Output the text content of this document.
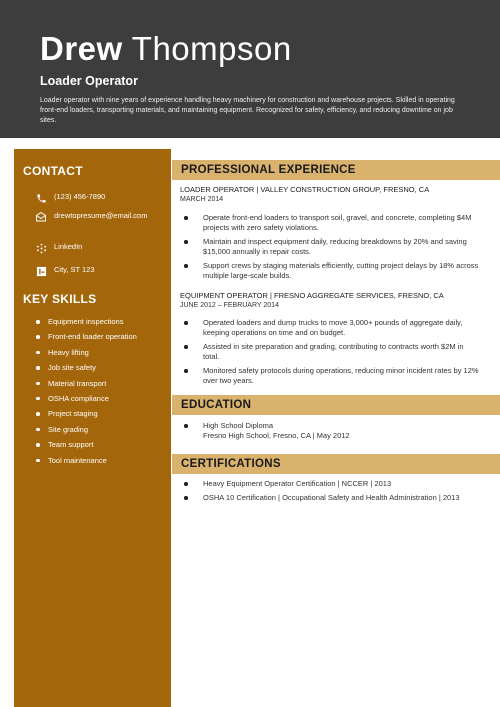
Drew Thompson
Loader Operator
Loader operator with nine years of experience handling heavy machinery for construction and warehouse projects. Skilled in operating front-end loaders, transporting materials, and maintaining equipment. Recognized for safety, efficiency, and reducing downtime on job sites.
CONTACT
(123) 456-7890
drewtopresume@email.com
LinkedIn
City, ST 123
KEY SKILLS
Equipment inspections
Front-end loader operation
Heavy lifting
Job site safety
Material transport
OSHA compliance
Project staging
Site grading
Team support
Tool maintenance
PROFESSIONAL EXPERIENCE
LOADER OPERATOR | VALLEY CONSTRUCTION GROUP, FRESNO, CA
MARCH 2014
Operate front-end loaders to transport soil, gravel, and concrete, completing $4M projects with zero safety violations.
Maintain and inspect equipment daily, reducing breakdowns by 20% and saving $15,000 annually in repair costs.
Support crews by staging materials efficiently, cutting project delays by 18% across multiple large-scale builds.
EQUIPMENT OPERATOR | FRESNO AGGREGATE SERVICES, FRESNO, CA
JUNE 2012 – FEBRUARY 2014
Operated loaders and dump trucks to move 3,000+ pounds of aggregate daily, keeping operations on time and on budget.
Assisted in site preparation and grading, contributing to contracts worth $2M in total.
Monitored safety protocols during operations, reducing minor incident rates by 12% over two years.
EDUCATION
High School Diploma
Fresno High School, Fresno, CA | May 2012
CERTIFICATIONS
Heavy Equipment Operator Certification | NCCER | 2013
OSHA 10 Certification | Occupational Safety and Health Administration | 2013
